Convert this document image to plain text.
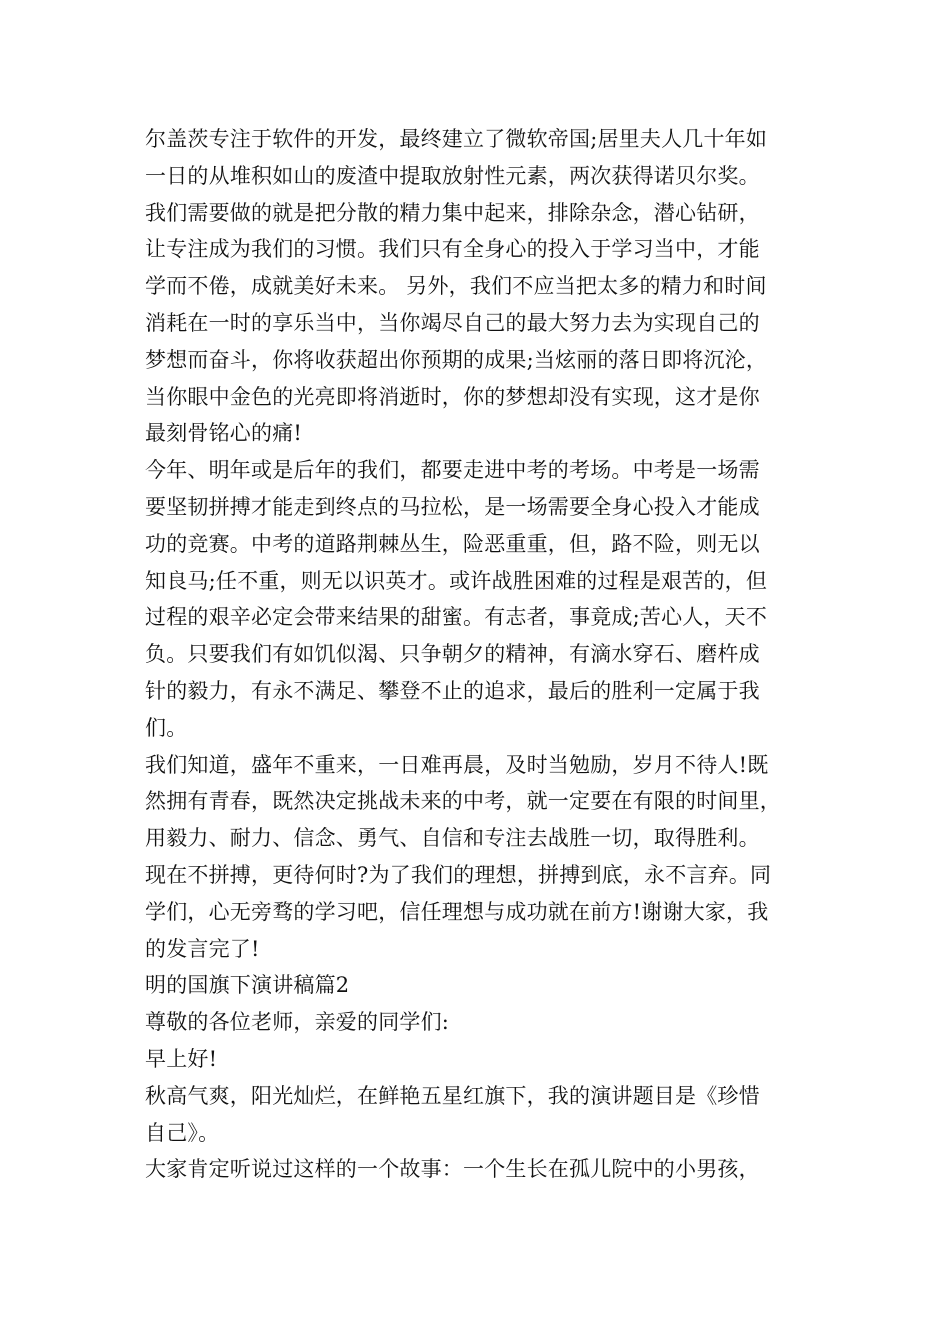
尔盖茨专注于软件的开发，最终建立了微软帝国;居里夫人几十年如
一日的从堆积如山的废渣中提取放射性元素，两次获得诺贝尔奖。
我们需要做的就是把分散的精力集中起来，排除杂念，潜心钻研，
让专注成为我们的习惯。我们只有全身心的投入于学习当中，才能
学而不倦，成就美好未来。 另外，我们不应当把太多的精力和时间
消耗在一时的享乐当中，当你竭尽自己的最大努力去为实现自己的
梦想而奋斗，你将收获超出你预期的成果;当炫丽的落日即将沉沦，
当你眼中金色的光亮即将消逝时，你的梦想却没有实现，这才是你
最刻骨铭心的痛!
今年、明年或是后年的我们，都要走进中考的考场。中考是一场需
要坚韧拼搏才能走到终点的马拉松，是一场需要全身心投入才能成
功的竞赛。中考的道路荆棘丛生，险恶重重，但，路不险，则无以
知良马;任不重，则无以识英才。或许战胜困难的过程是艰苦的，但
过程的艰辛必定会带来结果的甜蜜。有志者，事竟成;苦心人，天不
负。只要我们有如饥似渴、只争朝夕的精神，有滴水穿石、磨杵成
针的毅力，有永不满足、攀登不止的追求，最后的胜利一定属于我
们。
我们知道，盛年不重来，一日难再晨，及时当勉励，岁月不待人!既
然拥有青春，既然决定挑战未来的中考，就一定要在有限的时间里，
用毅力、耐力、信念、勇气、自信和专注去战胜一切，取得胜利。
现在不拼搏，更待何时?为了我们的理想，拼搏到底，永不言弃。同
学们，心无旁骛的学习吧，信任理想与成功就在前方!谢谢大家，我
的发言完了!
明的国旗下演讲稿篇2
尊敬的各位老师，亲爱的同学们:
早上好!
秋高气爽，阳光灿烂，在鲜艳五星红旗下，我的演讲题目是《珍惜
自己》。
大家肯定听说过这样的一个故事：一个生长在孤儿院中的小男孩，
